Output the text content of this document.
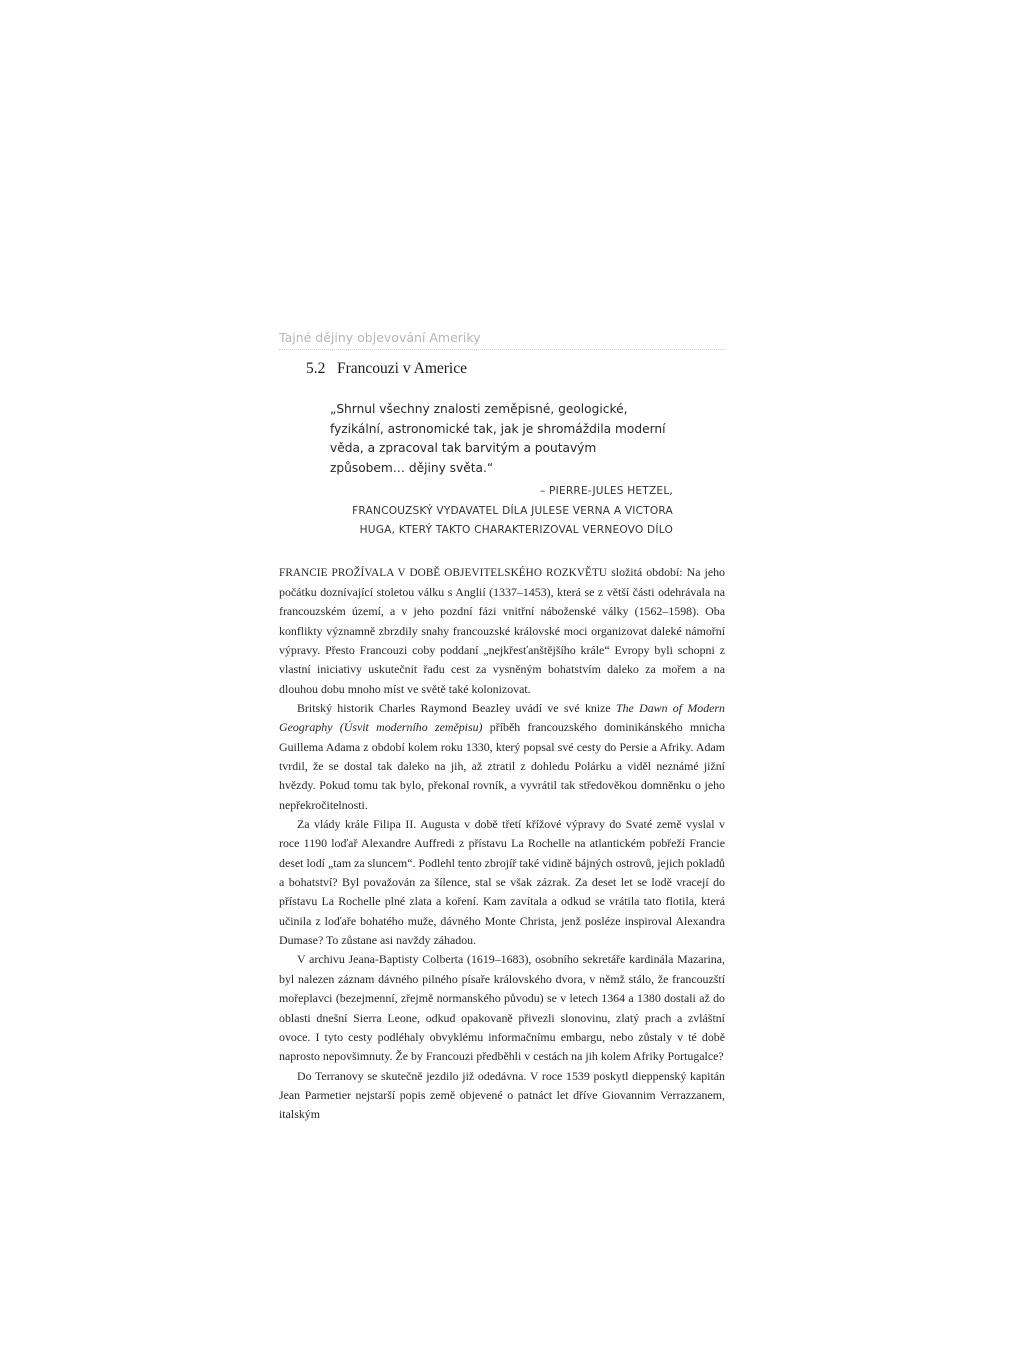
Tajné dějiny objevování Ameriky
5.2 Francouzi v Americe
„Shrnul všechny znalosti zeměpisné, geologické, fyzikální, astronomické tak, jak je shromáždila moderní věda, a zpracoval tak barvitým a poutavým způsobem… dějiny světa.“
– PIERRE-JULES HETZEL,
FRANCOUZSKÝ VYDAVATEL DÍLA JULESE VERNA A VICTORA
HUGA, KTERÝ TAKTO CHARAKTERIZOVAL VERNEOVO DÍLO

FRANCIE PROŽÍVALA V DOBĚ OBJEVITELSKÉHO ROZKVĚTU složitá období: Na jeho počátku doznívající stoletou válku s Anglií (1337–1453), která se z větší části odehrávala na francouzském území, a v jeho pozdní fázi vnitřní náboženské války (1562–1598). Oba konflikty významně zbrzdily snahy francouzské královské moci organizovat daleké námořní výpravy. Přesto Francouzi coby poddaní „nejkřesťanštějšího krále“ Evropy byli schopni z vlastní iniciativy uskutečnit řadu cest za vysněným bohatstvím daleko za mořem a na dlouhou dobu mnoho míst ve světě také kolonizovat.

Britský historik Charles Raymond Beazley uvádí ve své knize The Dawn of Modern Geography (Úsvit moderního zeměpisu) příběh francouzského dominikánského mnicha Guillema Adama z období kolem roku 1330, který popsal své cesty do Persie a Afriky. Adam tvrdil, že se dostal tak daleko na jih, až ztratil z dohledu Polárku a viděl neznámé jižní hvězdy. Pokud tomu tak bylo, překonal rovník, a vyvrátil tak středověkou domněnku o jeho nepřekročitelnosti.

Za vlády krále Filipa II. Augusta v době třetí křížové výpravy do Svaté země vyslal v roce 1190 loďař Alexandre Auffredi z přístavu La Rochelle na atlantickém pobřeží Francie deset lodí „tam za sluncem“. Podlehl tento zbrojíř také vidině bájných ostrovů, jejich pokladů a bohatství? Byl považován za šílence, stal se však zázrak. Za deset let se lodě vracejí do přístavu La Rochelle plné zlata a koření. Kam zavítala a odkud se vrátila tato flotila, která učinila z loďaře bohatého muže, dávného Monte Christa, jenž posléze inspiroval Alexandra Dumase? To zůstane asi navždy záhadou.

V archivu Jeana-Baptisty Colberta (1619–1683), osobního sekretáře kardinála Mazarina, byl nalezen záznam dávného pilného písaře královského dvora, v němž stálo, že francouzští mořeplavci (bezejmenní, zřejmě normanského původu) se v letech 1364 a 1380 dostali až do oblasti dnešní Sierra Leone, odkud opakovaně přivezli slonovinu, zlatý prach a zvláštní ovoce. I tyto cesty podléhaly obvyklému informačnímu embargu, nebo zůstaly v té době naprosto nepovšimnuty. Že by Francouzi předběhli v cestách na jih kolem Afriky Portugalce?

Do Terranovy se skutečně jezdilo již odedávna. V roce 1539 poskytl dieppenský kapitán Jean Parmetier nejstarší popis země objevené o patnáct let dříve Giovannim Verrazzanem, italským
